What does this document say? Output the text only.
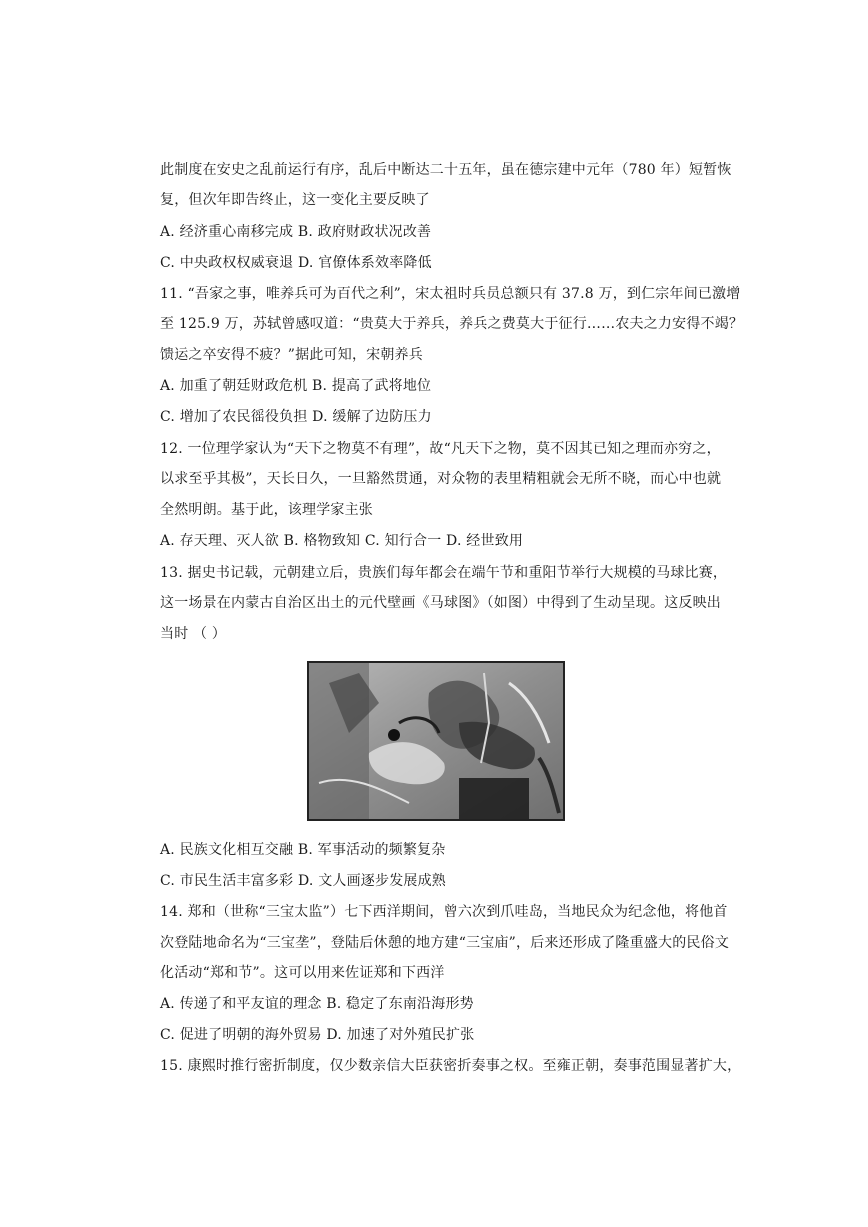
此制度在安史之乱前运行有序，乱后中断达二十五年，虽在德宗建中元年（780 年）短暂恢
复，但次年即告终止，这一变化主要反映了
A. 经济重心南移完成 B. 政府财政状况改善
C. 中央政权权威衰退 D. 官僚体系效率降低
11. “吾家之事，唯养兵可为百代之利”，宋太祖时兵员总额只有 37.8 万，到仁宗年间已激增
至 125.9 万，苏轼曾感叹道：“贵莫大于养兵，养兵之费莫大于征行……农夫之力安得不竭？
馈运之卒安得不疲？”据此可知，宋朝养兵
A. 加重了朝廷财政危机 B. 提高了武将地位
C. 增加了农民徭役负担 D. 缓解了边防压力
12. 一位理学家认为“天下之物莫不有理”，故“凡天下之物，莫不因其已知之理而亦穷之，
以求至乎其极”，天长日久，一旦豁然贯通，对众物的表里精粗就会无所不晓，而心中也就
全然明朗。基于此，该理学家主张
A. 存天理、灭人欲 B. 格物致知 C. 知行合一 D. 经世致用
13. 据史书记载，元朝建立后，贵族们每年都会在端午节和重阳节举行大规模的马球比赛，
这一场景在内蒙古自治区出土的元代壁画《马球图》（如图）中得到了生动呈现。这反映出
当时 （ ）
A. 民族文化相互交融 B. 军事活动的频繁复杂
C. 市民生活丰富多彩 D. 文人画逐步发展成熟
14. 郑和（世称“三宝太监”）七下西洋期间，曾六次到爪哇岛，当地民众为纪念他，将他首
次登陆地命名为“三宝垄”，登陆后休憩的地方建“三宝庙”，后来还形成了隆重盛大的民俗文
化活动“郑和节”。这可以用来佐证郑和下西洋
A. 传递了和平友谊的理念 B. 稳定了东南沿海形势
C. 促进了明朝的海外贸易 D. 加速了对外殖民扩张
15. 康熙时推行密折制度，仅少数亲信大臣获密折奏事之权。至雍正朝，奏事范围显著扩大，
